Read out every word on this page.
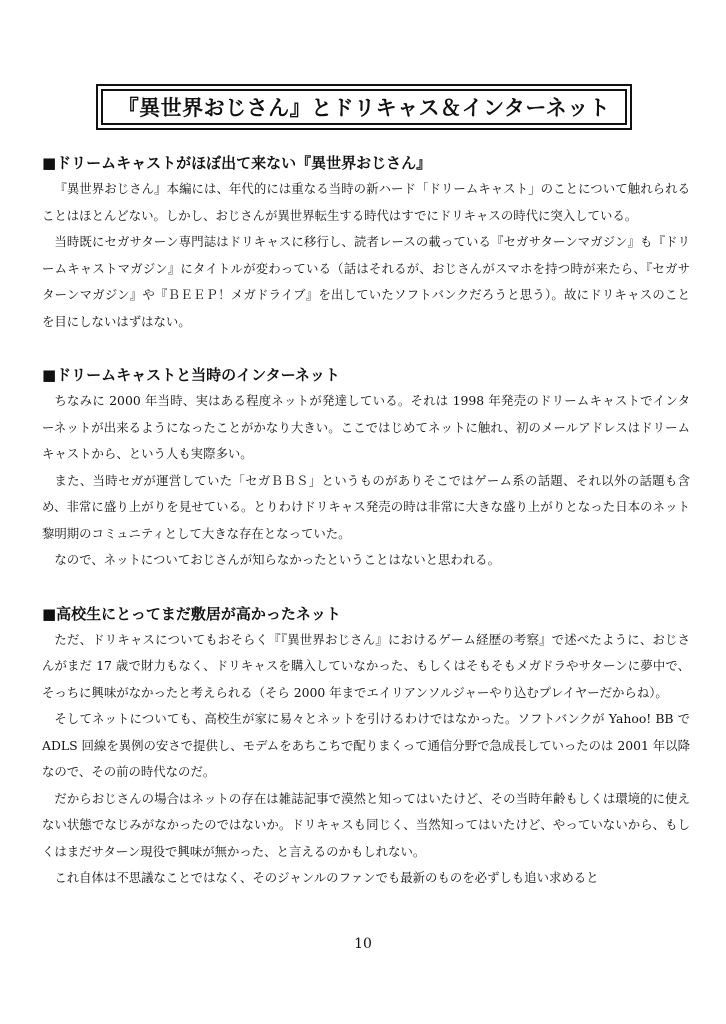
『異世界おじさん』とドリキャス＆インターネット
■ドリームキャストがほぼ出て来ない『異世界おじさん』

『異世界おじさん』本編には、年代的には重なる当時の新ハード「ドリームキャスト」のことについて触れられることはほとんどない。しかし、おじさんが異世界転生する時代はすでにドリキャスの時代に突入している。

当時既にセガサターン専門誌はドリキャスに移行し、読者レースの載っている『セガサターンマガジン』も『ドリームキャストマガジン』にタイトルが変わっている（話はそれるが、おじさんがスマホを持つ時が来たら、『セガサターンマガジン』や『ＢＥＥＰ！メガドライブ』を出していたソフトバンクだろうと思う）。故にドリキャスのことを目にしないはずはない。

■ドリームキャストと当時のインターネット

ちなみに 2000 年当時、実はある程度ネットが発達している。それは 1998 年発売のドリームキャストでインターネットが出来るようになったことがかなり大きい。ここではじめてネットに触れ、初のメールアドレスはドリームキャストから、という人も実際多い。

また、当時セガが運営していた「セガＢＢＳ」というものがありそこではゲーム系の話題、それ以外の話題も含め、非常に盛り上がりを見せている。とりわけドリキャス発売の時は非常に大きな盛り上がりとなった日本のネット黎明期のコミュニティとして大きな存在となっていた。

なので、ネットについておじさんが知らなかったということはないと思われる。

■高校生にとってまだ敷居が高かったネット

ただ、ドリキャスについてもおそらく『『異世界おじさん』におけるゲーム経歴の考察』で述べたように、おじさんがまだ 17 歳で財力もなく、ドリキャスを購入していなかった、もしくはそもそもメガドラやサターンに夢中で、そっちに興味がなかったと考えられる（そら 2000 年までエイリアンソルジャーやり込むプレイヤーだからね）。

そしてネットについても、高校生が家に易々とネットを引けるわけではなかった。ソフトバンクが Yahoo! BB で ADLS 回線を異例の安さで提供し、モデムをあちこちで配りまくって通信分野で急成長していったのは 2001 年以降なので、その前の時代なのだ。

だからおじさんの場合はネットの存在は雑誌記事で漠然と知ってはいたけど、その当時年齢もしくは環境的に使えない状態でなじみがなかったのではないか。ドリキャスも同じく、当然知ってはいたけど、やっていないから、もしくはまだサターン現役で興味が無かった、と言えるのかもしれない。

これ自体は不思議なことではなく、そのジャンルのファンでも最新のものを必ずしも追い求めると

10
